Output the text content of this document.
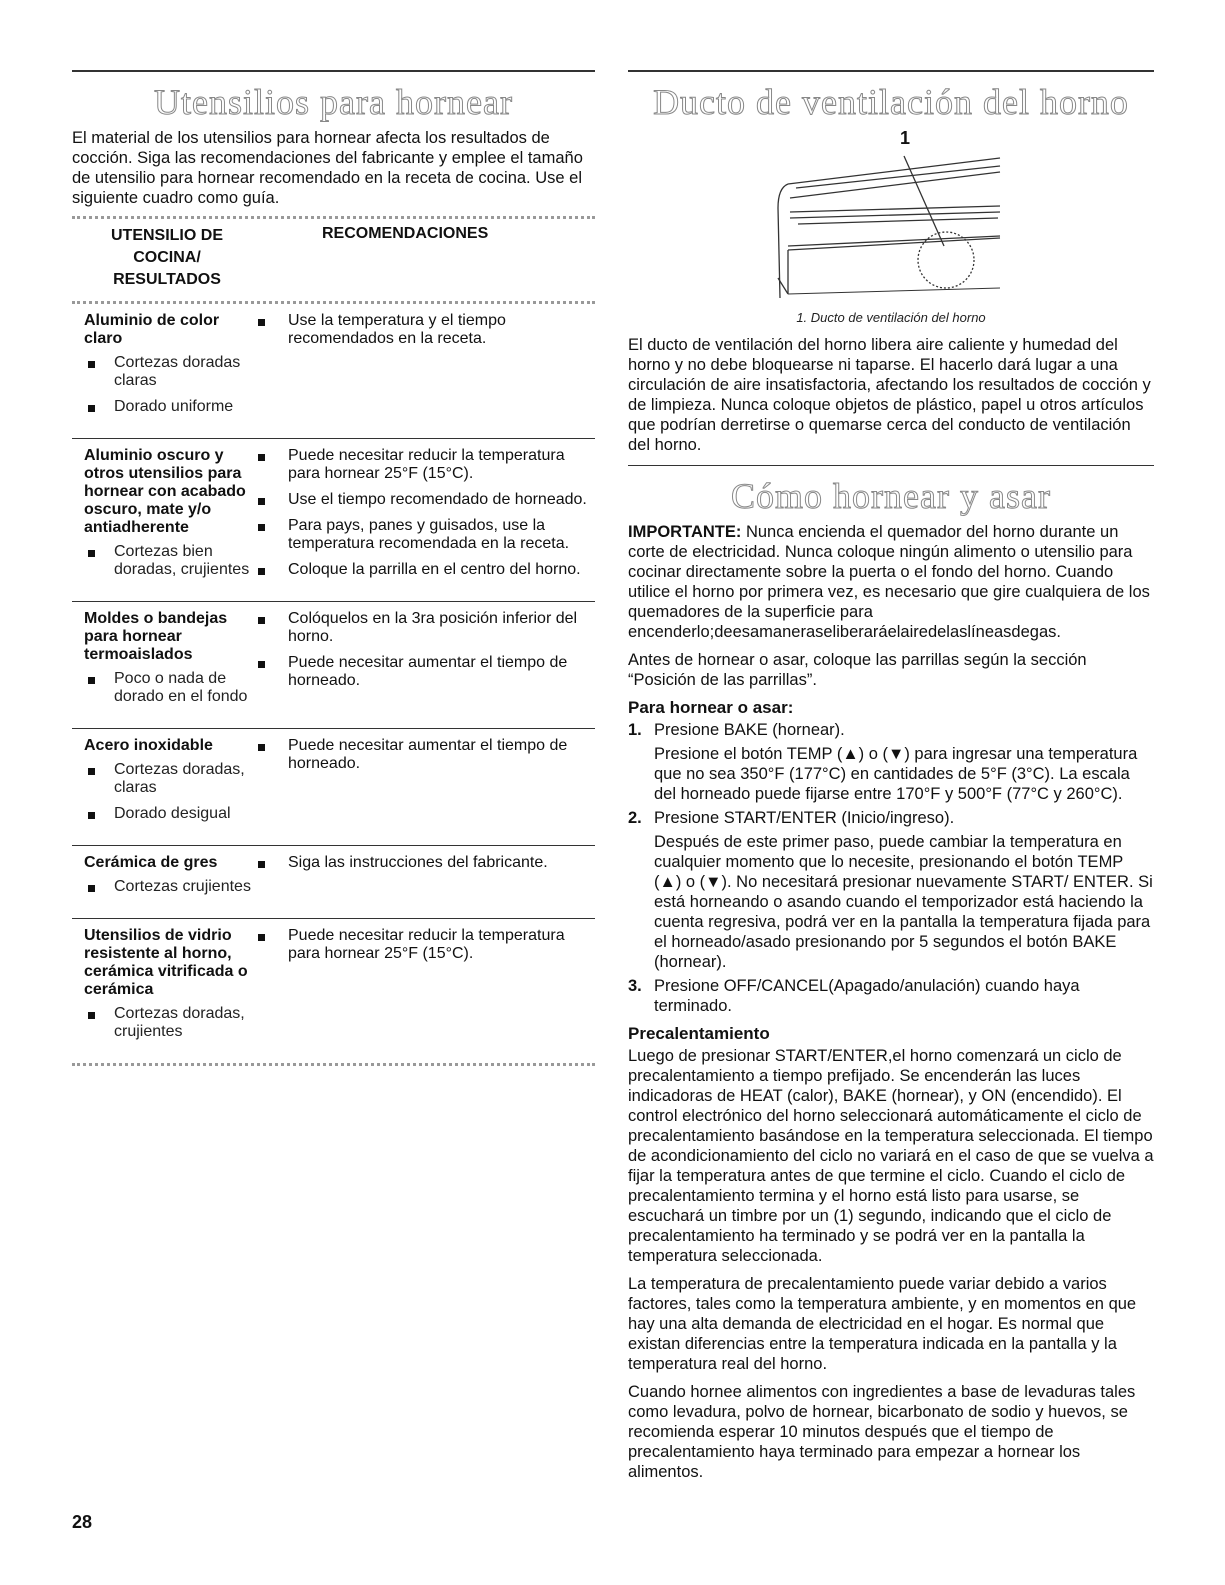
Utensilios para hornear

El material de los utensilios para hornear afecta los resultados de cocción. Siga las recomendaciones del fabricante y emplee el tamaño de utensilio para hornear recomendado en la receta de cocina. Use el siguiente cuadro como guía.

UTENSILIO DE
COCINA/
RESULTADOS
RECOMENDACIONES
Aluminio de color claro
Cortezas doradas claras
Dorado uniforme
Use la temperatura y el tiempo recomendados en la receta.
Aluminio oscuro y otros utensilios para hornear con acabado oscuro, mate y/o antiadherente
Cortezas bien doradas, crujientes
Puede necesitar reducir la temperatura para hornear 25°F (15°C).
Use el tiempo recomendado de horneado.
Para pays, panes y guisados, use la temperatura recomendada en la receta.
Coloque la parrilla en el centro del horno.
Moldes o bandejas para hornear termoaislados
Poco o nada de dorado en el fondo
Colóquelos en la 3ra posición inferior del horno.
Puede necesitar aumentar el tiempo de horneado.
Acero inoxidable
Cortezas doradas, claras
Dorado desigual
Puede necesitar aumentar el tiempo de horneado.
Cerámica de gres
Cortezas crujientes
Siga las instrucciones del fabricante.
Utensilios de vidrio resistente al horno, cerámica vitrificada o cerámica
Cortezas doradas, crujientes
Puede necesitar reducir la temperatura para hornear 25°F (15°C).
Ducto de ventilación del horno
1
1. Ducto de ventilación del horno

El ducto de ventilación del horno libera aire caliente y humedad del horno y no debe bloquearse ni taparse. El hacerlo dará lugar a una circulación de aire insatisfactoria, afectando los resultados de cocción y de limpieza. Nunca coloque objetos de plástico, papel u otros artículos que podrían derretirse o quemarse cerca del conducto de ventilación del horno.

Cómo hornear y asar

IMPORTANTE: Nunca encienda el quemador del horno durante un corte de electricidad. Nunca coloque ningún alimento o utensilio para cocinar directamente sobre la puerta o el fondo del horno. Cuando utilice el horno por primera vez, es necesario que gire cualquiera de los quemadores de la superficie para encenderlo;deesamaneraseliberaráelairedelaslíneasdegas.

Antes de hornear o asar, coloque las parrillas según la sección “Posición de las parrillas”.

Para hornear o asar:
1. Presione BAKE (hornear).

Presione el botón TEMP (▲) o (▼) para ingresar una temperatura que no sea 350°F (177°C) en cantidades de 5°F (3°C). La escala del horneado puede fijarse entre 170°F y 500°F (77°C y 260°C).

2. Presione START/ENTER (Inicio/ingreso).

Después de este primer paso, puede cambiar la temperatura en cualquier momento que lo necesite, presionando el botón TEMP (▲) o (▼). No necesitará presionar nuevamente START/ ENTER. Si está horneando o asando cuando el temporizador está haciendo la cuenta regresiva, podrá ver en la pantalla la temperatura fijada para el horneado/asado presionando por 5 segundos el botón BAKE (hornear).

3. Presione OFF/CANCEL(Apagado/anulación) cuando haya terminado.

Precalentamiento

Luego de presionar START/ENTER,el horno comenzará un ciclo de precalentamiento a tiempo prefijado. Se encenderán las luces indicadoras de HEAT (calor), BAKE (hornear), y ON (encendido). El control electrónico del horno seleccionará automáticamente el ciclo de precalentamiento basándose en la temperatura seleccionada. El tiempo de acondicionamiento del ciclo no variará en el caso de que se vuelva a fijar la temperatura antes de que termine el ciclo. Cuando el ciclo de precalentamiento termina y el horno está listo para usarse, se escuchará un timbre por un (1) segundo, indicando que el ciclo de precalentamiento ha terminado y se podrá ver en la pantalla la temperatura seleccionada.

La temperatura de precalentamiento puede variar debido a varios factores, tales como la temperatura ambiente, y en momentos en que hay una alta demanda de electricidad en el hogar. Es normal que existan diferencias entre la temperatura indicada en la pantalla y la temperatura real del horno.

Cuando hornee alimentos con ingredientes a base de levaduras tales como levadura, polvo de hornear, bicarbonato de sodio y huevos, se recomienda esperar 10 minutos después que el tiempo de precalentamiento haya terminado para empezar a hornear los alimentos.

28
